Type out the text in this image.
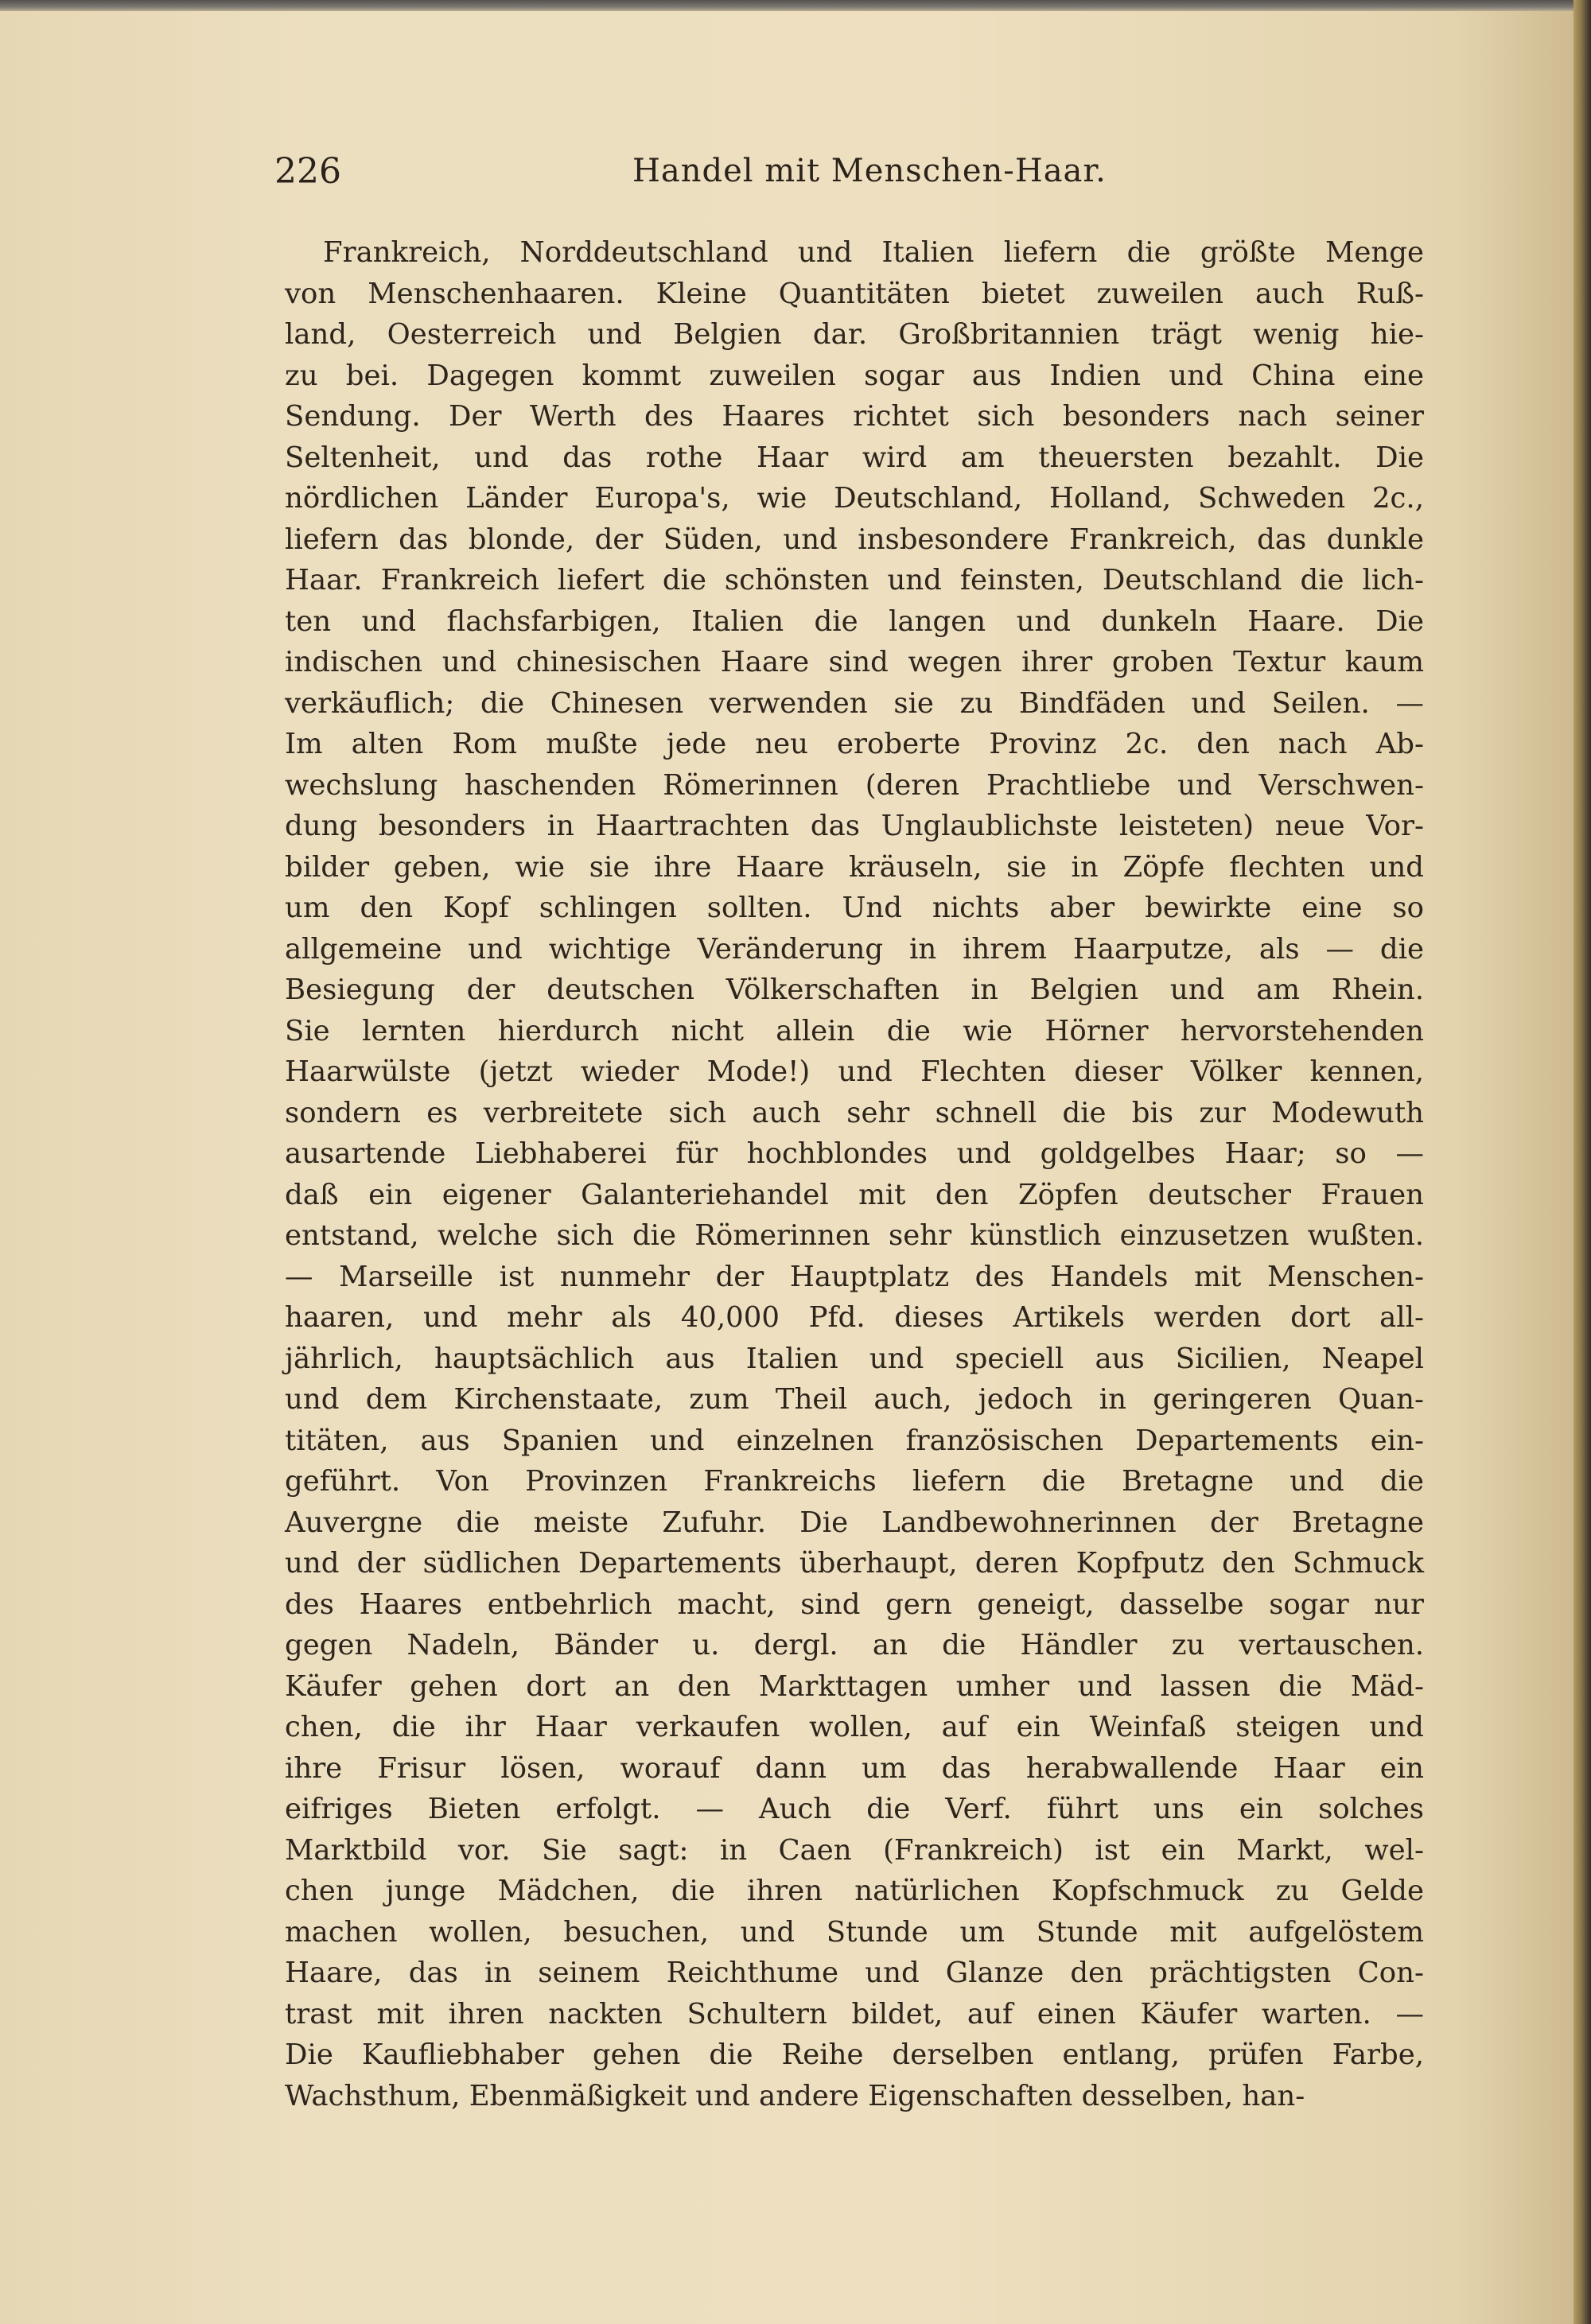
226	Handel mit Menschen-Haar.
Frankreich, Norddeutschland und Italien liefern die größte Menge
von Menschenhaaren. Kleine Quantitäten bietet zuweilen auch Ruß-
land, Oesterreich und Belgien dar. Großbritannien trägt wenig hie-
zu bei. Dagegen kommt zuweilen sogar aus Indien und China eine
Sendung. Der Werth des Haares richtet sich besonders nach seiner
Seltenheit, und das rothe Haar wird am theuersten bezahlt. Die
nördlichen Länder Europa's, wie Deutschland, Holland, Schweden 2c.,
liefern das blonde, der Süden, und insbesondere Frankreich, das dunkle
Haar. Frankreich liefert die schönsten und feinsten, Deutschland die lich-
ten und flachsfarbigen, Italien die langen und dunkeln Haare. Die
indischen und chinesischen Haare sind wegen ihrer groben Textur kaum
verkäuflich; die Chinesen verwenden sie zu Bindfäden und Seilen. —
Im alten Rom mußte jede neu eroberte Provinz 2c. den nach Ab-
wechslung haschenden Römerinnen (deren Prachtliebe und Verschwen-
dung besonders in Haartrachten das Unglaublichste leisteten) neue Vor-
bilder geben, wie sie ihre Haare kräuseln, sie in Zöpfe flechten und
um den Kopf schlingen sollten. Und nichts aber bewirkte eine so
allgemeine und wichtige Veränderung in ihrem Haarputze, als — die
Besiegung der deutschen Völkerschaften in Belgien und am Rhein.
Sie lernten hierdurch nicht allein die wie Hörner hervorstehenden
Haarwülste (jetzt wieder Mode!) und Flechten dieser Völker kennen,
sondern es verbreitete sich auch sehr schnell die bis zur Modewuth
ausartende Liebhaberei für hochblondes und goldgelbes Haar; so —
daß ein eigener Galanteriehandel mit den Zöpfen deutscher Frauen
entstand, welche sich die Römerinnen sehr künstlich einzusetzen wußten.
— Marseille ist nunmehr der Hauptplatz des Handels mit Menschen-
haaren, und mehr als 40,000 Pfd. dieses Artikels werden dort all-
jährlich, hauptsächlich aus Italien und speciell aus Sicilien, Neapel
und dem Kirchenstaate, zum Theil auch, jedoch in geringeren Quan-
titäten, aus Spanien und einzelnen französischen Departements ein-
geführt. Von Provinzen Frankreichs liefern die Bretagne und die
Auvergne die meiste Zufuhr. Die Landbewohnerinnen der Bretagne
und der südlichen Departements überhaupt, deren Kopfputz den Schmuck
des Haares entbehrlich macht, sind gern geneigt, dasselbe sogar nur
gegen Nadeln, Bänder u. dergl. an die Händler zu vertauschen.
Käufer gehen dort an den Markttagen umher und lassen die Mäd-
chen, die ihr Haar verkaufen wollen, auf ein Weinfaß steigen und
ihre Frisur lösen, worauf dann um das herabwallende Haar ein
eifriges Bieten erfolgt. — Auch die Verf. führt uns ein solches
Marktbild vor. Sie sagt: in Caen (Frankreich) ist ein Markt, wel-
chen junge Mädchen, die ihren natürlichen Kopfschmuck zu Gelde
machen wollen, besuchen, und Stunde um Stunde mit aufgelöstem
Haare, das in seinem Reichthume und Glanze den prächtigsten Con-
trast mit ihren nackten Schultern bildet, auf einen Käufer warten. —
Die Kaufliebhaber gehen die Reihe derselben entlang, prüfen Farbe,
Wachsthum, Ebenmäßigkeit und andere Eigenschaften desselben, han-
